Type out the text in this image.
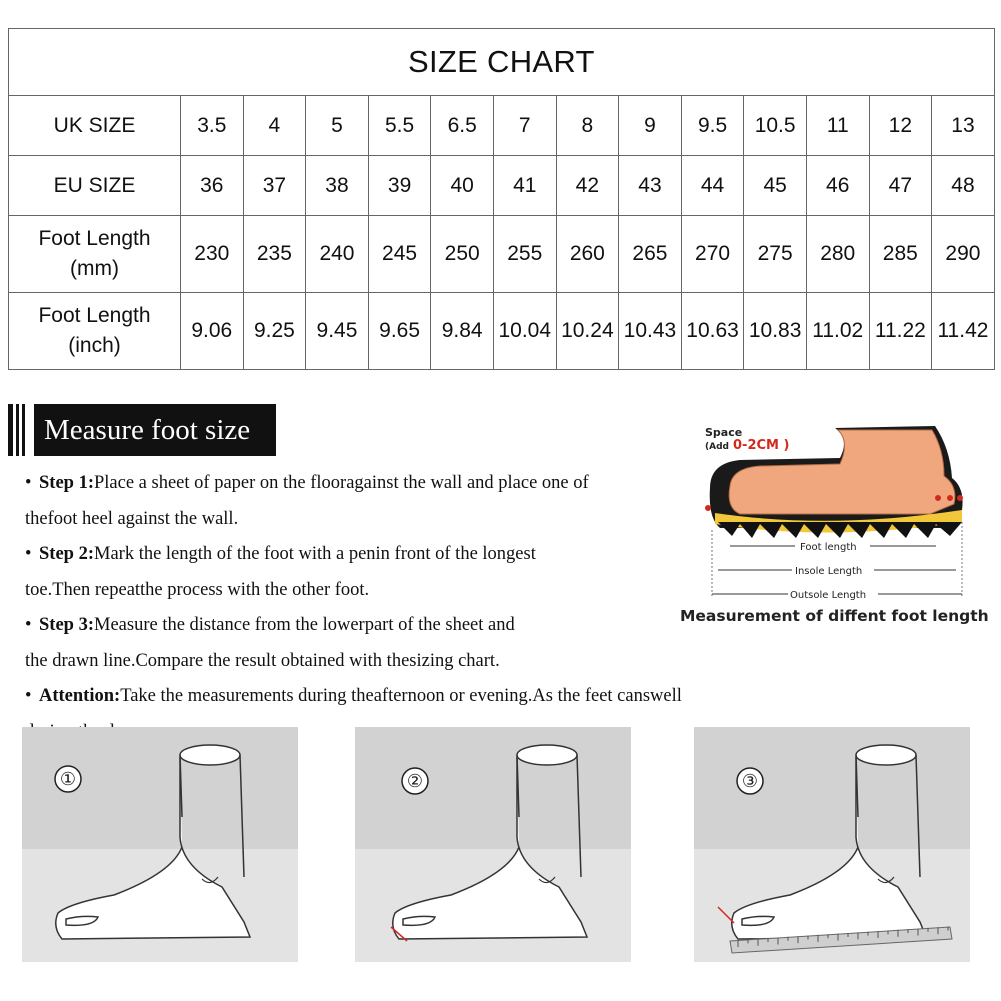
SIZE CHART													

UK SIZE	3.5	4	5	5.5	6.5	7	8	9	9.5	10.5	11	12	13

EU SIZE	36	37	38	39	40	41	42	43	44	45	46	47	48

Foot Length
(mm)	230	235	240	245	250	255	260	265	270	275	280	285	290

Foot Length
(inch)	9.06	9.25	9.45	9.65	9.84	10.04	10.24	10.43	10.63	10.83	11.02	11.22	11.42
Measure foot size

• Step 1:Place a sheet of paper on the flooragainst the wall and place one of

thefoot heel against the wall.

• Step 2:Mark the length of the foot with a penin front of the longest

toe.Then repeatthe process with the other foot.

• Step 3:Measure the distance from the lowerpart of the sheet and

the drawn line.Compare the result obtained with thesizing chart.

• Attention:Take the measurements during theafternoon or evening.As the feet canswell

Space
(Add 0-2CM )
Foot length
Insole Length
Outsole Length
Measurement of diffent foot length
①	②	③
